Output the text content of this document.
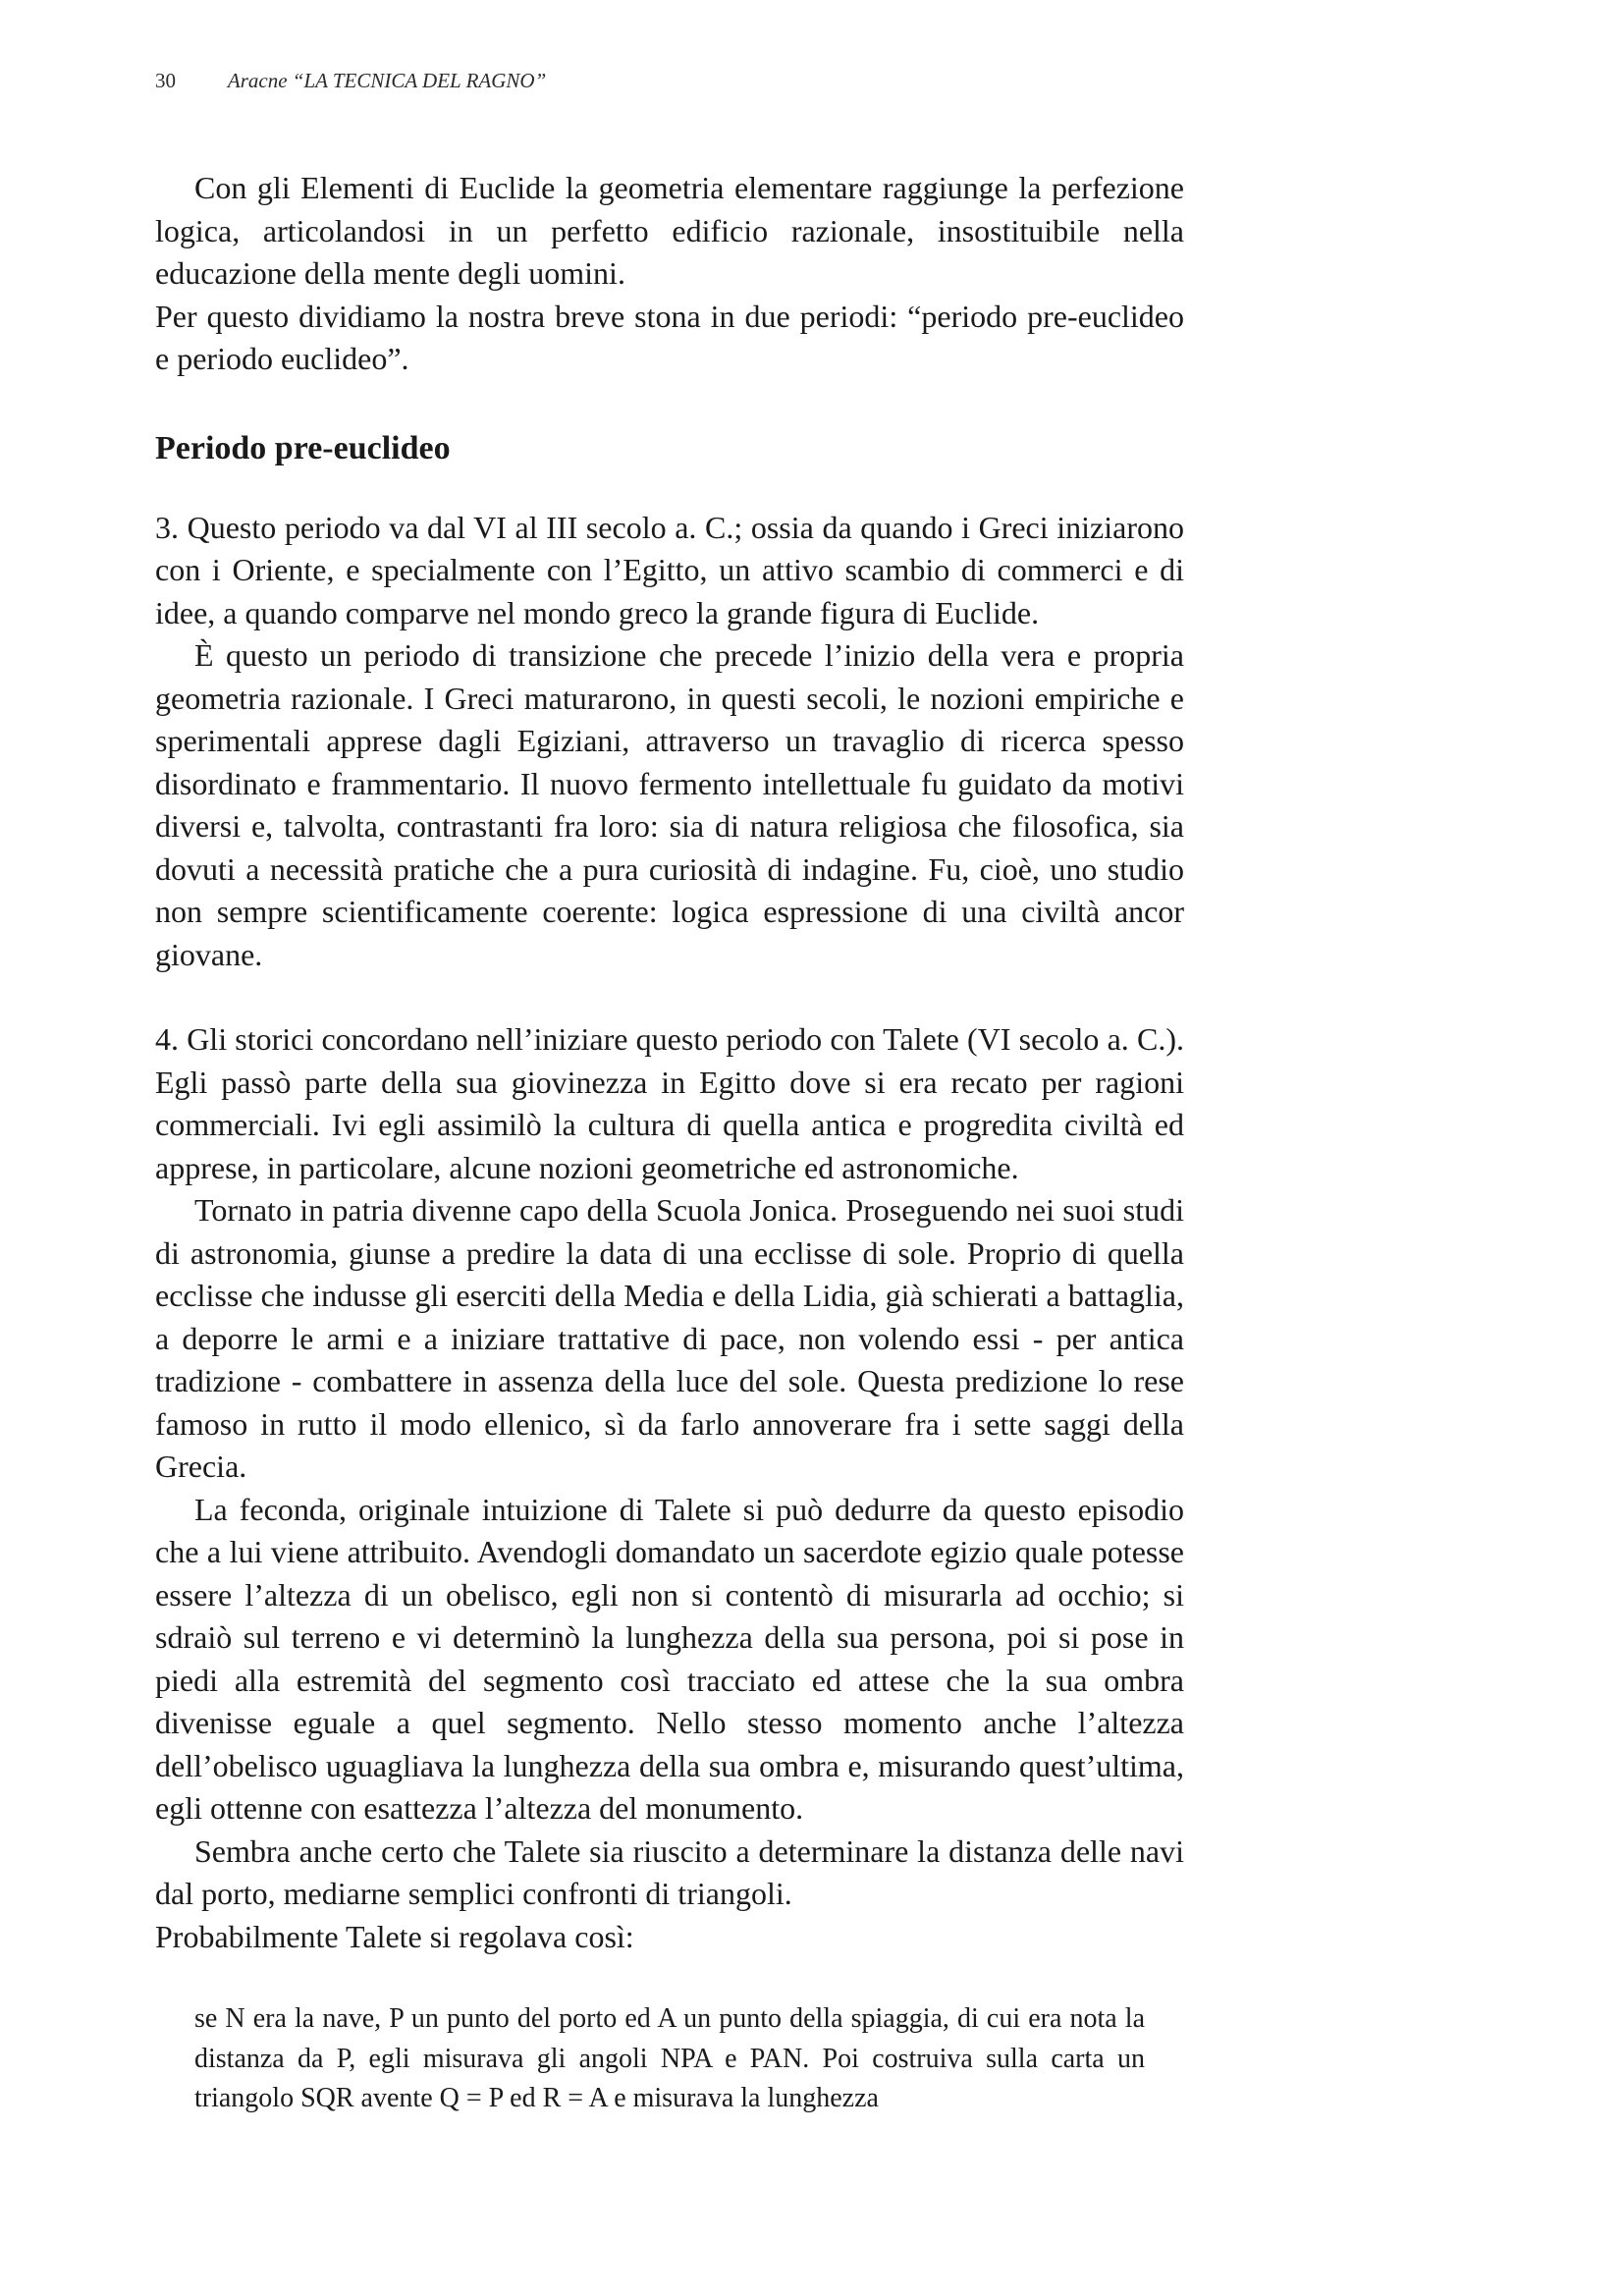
30	Aracne “LA TECNICA DEL RAGNO”

Con gli Elementi di Euclide la geometria elementare raggiunge la perfezione logica, articolandosi in un perfetto edificio razionale, insostituibile nella educazione della mente degli uomini.

Per questo dividiamo la nostra breve stona in due periodi: “periodo pre-euclideo e periodo euclideo”.

Periodo pre-euclideo

3. Questo periodo va dal VI al III secolo a. C.; ossia da quando i Greci iniziarono con i Oriente, e specialmente con l’Egitto, un attivo scambio di commerci e di idee, a quando comparve nel mondo greco la grande figura di Euclide.

È questo un periodo di transizione che precede l’inizio della vera e propria geometria razionale. I Greci maturarono, in questi secoli, le nozioni empiriche e sperimentali apprese dagli Egiziani, attraverso un travaglio di ricerca spesso disordinato e frammentario. Il nuovo fermento intellettuale fu guidato da motivi diversi e, talvolta, contrastanti fra loro: sia di natura religiosa che filosofica, sia dovuti a necessità pratiche che a pura curiosità di indagine. Fu, cioè, uno studio non sempre scientificamente coerente: logica espressione di una civiltà ancor giovane.

4. Gli storici concordano nell’iniziare questo periodo con Talete (VI secolo a. C.). Egli passò parte della sua giovinezza in Egitto dove si era recato per ragioni commerciali. Ivi egli assimilò la cultura di quella antica e progredita civiltà ed apprese, in particolare, alcune nozioni geometriche ed astronomiche.

Tornato in patria divenne capo della Scuola Jonica. Proseguendo nei suoi studi di astronomia, giunse a predire la data di una ecclisse di sole. Proprio di quella ecclisse che indusse gli eserciti della Media e della Lidia, già schierati a battaglia, a deporre le armi e a iniziare trattative di pace, non volendo essi - per antica tradizione - combattere in assenza della luce del sole. Questa predizione lo rese famoso in rutto il modo ellenico, sì da farlo annoverare fra i sette saggi della Grecia.

La feconda, originale intuizione di Talete si può dedurre da questo episodio che a lui viene attribuito. Avendogli domandato un sacerdote egizio quale potesse essere l’altezza di un obelisco, egli non si contentò di misurarla ad occhio; si sdraiò sul terreno e vi determinò la lunghezza della sua persona, poi si pose in piedi alla estremità del segmento così tracciato ed attese che la sua ombra divenisse eguale a quel segmento. Nello stesso momento anche l’altezza dell’obelisco uguagliava la lunghezza della sua ombra e, misurando quest’ultima, egli ottenne con esattezza l’altezza del monumento.

Sembra anche certo che Talete sia riuscito a determinare la distanza delle navi dal porto, mediarne semplici confronti di triangoli.

Probabilmente Talete si regolava così:

se N era la nave, P un punto del porto ed A un punto della spiaggia, di cui era nota la distanza da P, egli misurava gli angoli NPA e PAN. Poi costruiva sulla carta un triangolo SQR avente Q = P ed R = A e misurava la lunghezza
